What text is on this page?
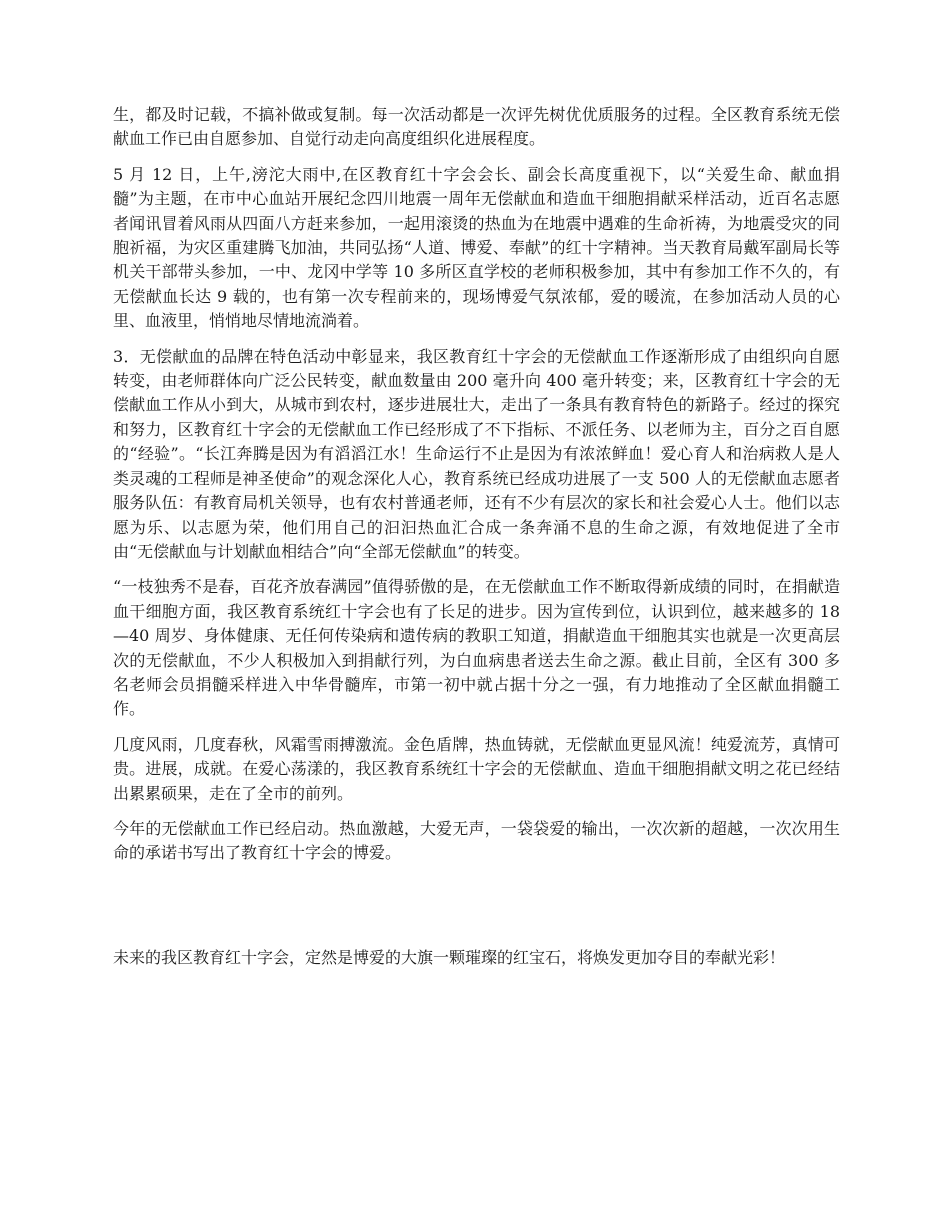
生，都及时记载，不搞补做或复制。每一次活动都是一次评先树优优质服务的过程。全区教育系统无偿献血工作已由自愿参加、自觉行动走向高度组织化进展程度。

5 月 12 日，上午,滂沱大雨中,在区教育红十字会会长、副会长高度重视下，以“关爱生命、献血捐髓”为主题，在市中心血站开展纪念四川地震一周年无偿献血和造血干细胞捐献采样活动，近百名志愿者闻讯冒着风雨从四面八方赶来参加，一起用滚烫的热血为在地震中遇难的生命祈祷，为地震受灾的同胞祈福，为灾区重建腾飞加油，共同弘扬“人道、博爱、奉献”的红十字精神。当天教育局戴军副局长等机关干部带头参加，一中、龙冈中学等 10 多所区直学校的老师积极参加，其中有参加工作不久的，有无偿献血长达 9 载的，也有第一次专程前来的，现场博爱气氛浓郁，爱的暖流，在参加活动人员的心里、血液里，悄悄地尽情地流淌着。

3．无偿献血的品牌在特色活动中彰显来，我区教育红十字会的无偿献血工作逐渐形成了由组织向自愿转变，由老师群体向广泛公民转变，献血数量由 200 毫升向 400 毫升转变；来，区教育红十字会的无偿献血工作从小到大，从城市到农村，逐步进展壮大，走出了一条具有教育特色的新路子。经过的探究和努力，区教育红十字会的无偿献血工作已经形成了不下指标、不派任务、以老师为主，百分之百自愿的“经验”。“长江奔腾是因为有滔滔江水！生命运行不止是因为有浓浓鲜血！爱心育人和治病救人是人类灵魂的工程师是神圣使命”的观念深化人心，教育系统已经成功进展了一支 500 人的无偿献血志愿者服务队伍：有教育局机关领导，也有农村普通老师，还有不少有层次的家长和社会爱心人士。他们以志愿为乐、以志愿为荣，他们用自己的汩汩热血汇合成一条奔涌不息的生命之源，有效地促进了全市由“无偿献血与计划献血相结合”向“全部无偿献血”的转变。

“一枝独秀不是春，百花齐放春满园”值得骄傲的是，在无偿献血工作不断取得新成绩的同时，在捐献造血干细胞方面，我区教育系统红十字会也有了长足的进步。因为宣传到位，认识到位，越来越多的 18—40 周岁、身体健康、无任何传染病和遗传病的教职工知道，捐献造血干细胞其实也就是一次更高层次的无偿献血，不少人积极加入到捐献行列，为白血病患者送去生命之源。截止目前，全区有 300 多名老师会员捐髓采样进入中华骨髓库，市第一初中就占据十分之一强，有力地推动了全区献血捐髓工作。

几度风雨，几度春秋，风霜雪雨搏激流。金色盾牌，热血铸就，无偿献血更显风流！纯爱流芳，真情可贵。进展，成就。在爱心荡漾的，我区教育系统红十字会的无偿献血、造血干细胞捐献文明之花已经结出累累硕果，走在了全市的前列。

今年的无偿献血工作已经启动。热血激越，大爱无声，一袋袋爱的输出，一次次新的超越，一次次用生命的承诺书写出了教育红十字会的博爱。

未来的我区教育红十字会，定然是博爱的大旗一颗璀璨的红宝石，将焕发更加夺目的奉献光彩！
